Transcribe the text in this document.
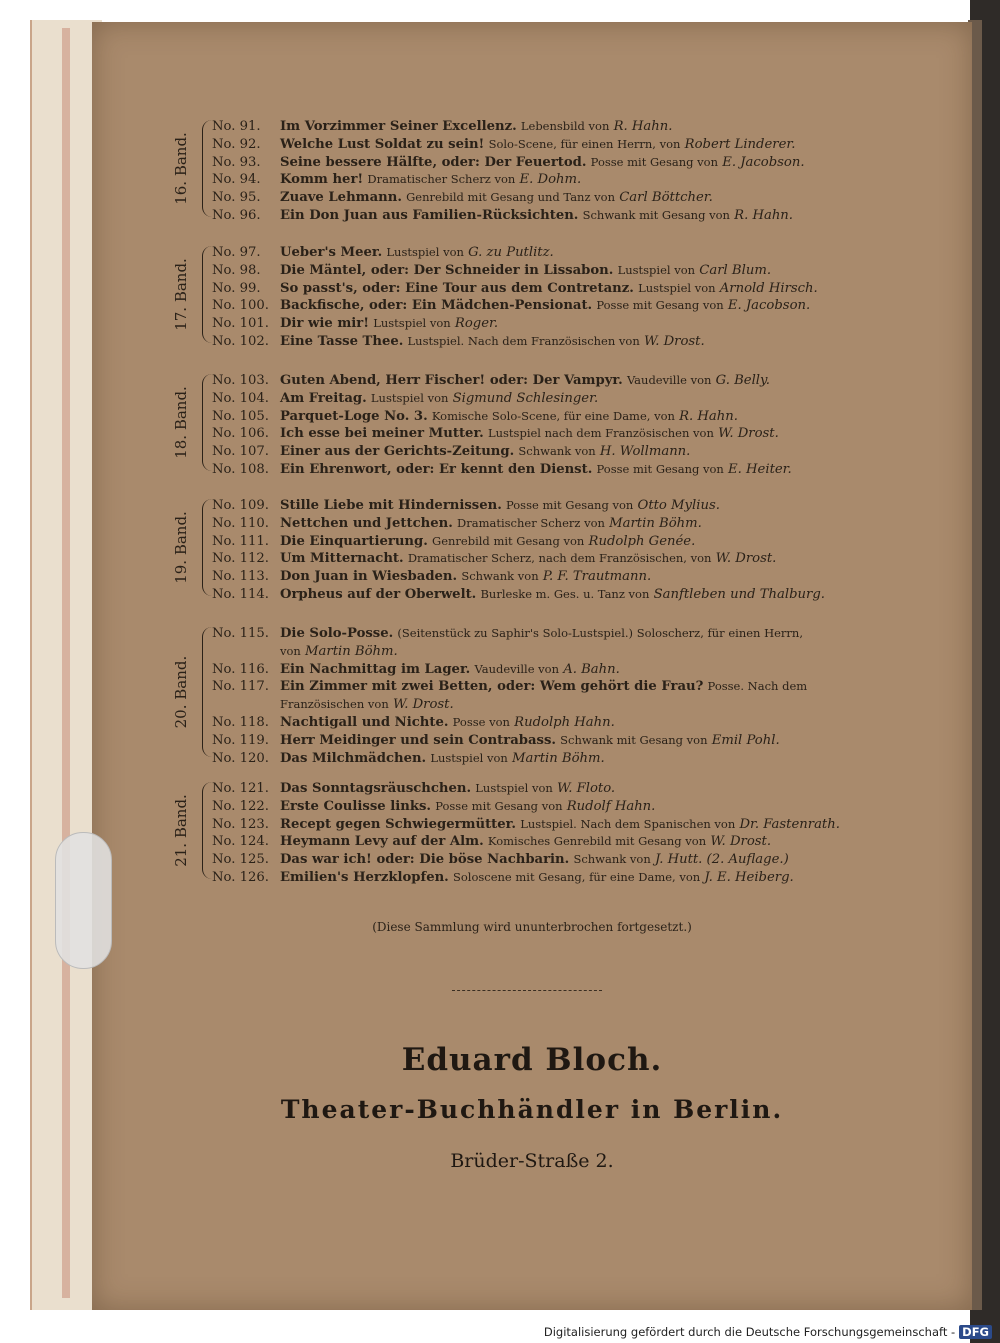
16. Band.
No. 91. Im Vorzimmer Seiner Excellenz. Lebensbild von R. Hahn.
No. 92. Welche Lust Soldat zu sein! Solo-Scene, für einen Herrn, von Robert Linderer.
No. 93. Seine bessere Hälfte, oder: Der Feuertod. Posse mit Gesang von E. Jacobson.
No. 94. Komm her! Dramatischer Scherz von E. Dohm.
No. 95. Zuave Lehmann. Genrebild mit Gesang und Tanz von Carl Böttcher.
No. 96. Ein Don Juan aus Familien-Rücksichten. Schwank mit Gesang von R. Hahn.
17. Band.
No. 97. Ueber's Meer. Lustspiel von G. zu Putlitz.
No. 98. Die Mäntel, oder: Der Schneider in Lissabon. Lustspiel von Carl Blum.
No. 99. So passt's, oder: Eine Tour aus dem Contretanz. Lustspiel von Arnold Hirsch.
No. 100. Backfische, oder: Ein Mädchen-Pensionat. Posse mit Gesang von E. Jacobson.
No. 101. Dir wie mir! Lustspiel von Roger.
No. 102. Eine Tasse Thee. Lustspiel. Nach dem Französischen von W. Drost.
18. Band.
No. 103. Guten Abend, Herr Fischer! oder: Der Vampyr. Vaudeville von G. Belly.
No. 104. Am Freitag. Lustspiel von Sigmund Schlesinger.
No. 105. Parquet-Loge No. 3. Komische Solo-Scene, für eine Dame, von R. Hahn.
No. 106. Ich esse bei meiner Mutter. Lustspiel nach dem Französischen von W. Drost.
No. 107. Einer aus der Gerichts-Zeitung. Schwank von H. Wollmann.
No. 108. Ein Ehrenwort, oder: Er kennt den Dienst. Posse mit Gesang von E. Heiter.
19. Band.
No. 109. Stille Liebe mit Hindernissen. Posse mit Gesang von Otto Mylius.
No. 110. Nettchen und Jettchen. Dramatischer Scherz von Martin Böhm.
No. 111. Die Einquartierung. Genrebild mit Gesang von Rudolph Genée.
No. 112. Um Mitternacht. Dramatischer Scherz, nach dem Französischen, von W. Drost.
No. 113. Don Juan in Wiesbaden. Schwank von P. F. Trautmann.
No. 114. Orpheus auf der Oberwelt. Burleske m. Ges. u. Tanz von Sanftleben und Thalburg.
20. Band.
No. 115. Die Solo-Posse. (Seitenstück zu Saphir's Solo-Lustspiel.) Soloscherz, für einen Herrn,
von Martin Böhm.
No. 116. Ein Nachmittag im Lager. Vaudeville von A. Bahn.
No. 117. Ein Zimmer mit zwei Betten, oder: Wem gehört die Frau? Posse. Nach dem
Französischen von W. Drost.
No. 118. Nachtigall und Nichte. Posse von Rudolph Hahn.
No. 119. Herr Meidinger und sein Contrabass. Schwank mit Gesang von Emil Pohl.
No. 120. Das Milchmädchen. Lustspiel von Martin Böhm.
21. Band.
No. 121. Das Sonntagsräuschchen. Lustspiel von W. Floto.
No. 122. Erste Coulisse links. Posse mit Gesang von Rudolf Hahn.
No. 123. Recept gegen Schwiegermütter. Lustspiel. Nach dem Spanischen von Dr. Fastenrath.
No. 124. Heymann Levy auf der Alm. Komisches Genrebild mit Gesang von W. Drost.
No. 125. Das war ich! oder: Die böse Nachbarin. Schwank von J. Hutt. (2. Auflage.)
No. 126. Emilien's Herzklopfen. Soloscene mit Gesang, für eine Dame, von J. E. Heiberg.
(Diese Sammlung wird ununterbrochen fortgesetzt.)
Eduard Bloch.
Theater-Buchhändler in Berlin.
Brüder-Straße 2.
Digitalisierung gefördert durch die Deutsche Forschungsgemeinschaft - DFG
